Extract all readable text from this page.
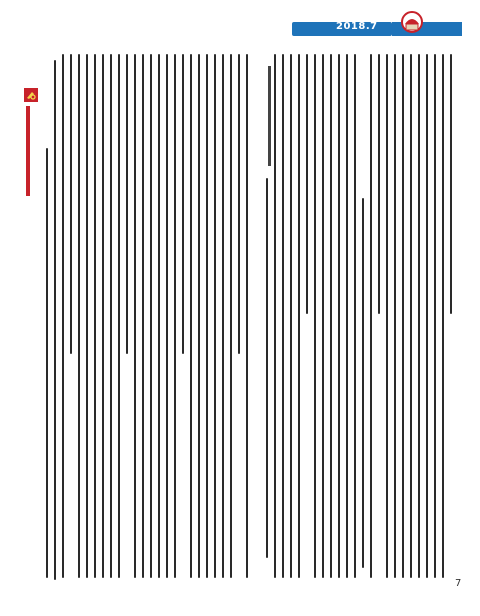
2018.7
7
